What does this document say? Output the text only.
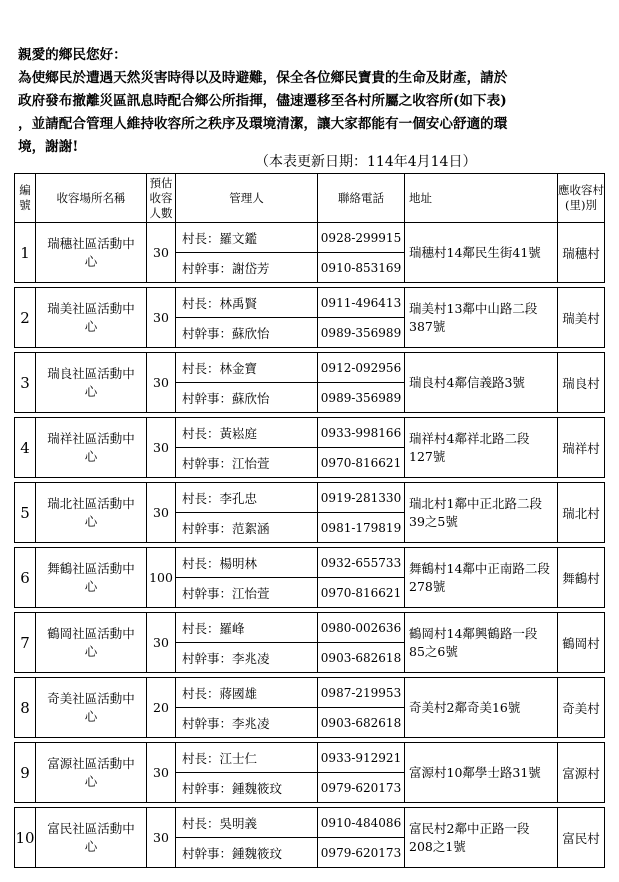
親愛的鄉民您好：

為使鄉民於遭遇天然災害時得以及時避難，保全各位鄉民寶貴的生命及財產，請於

政府發布撤離災區訊息時配合鄉公所指揮，儘速遷移至各村所屬之收容所(如下表)

，並請配合管理人維持收容所之秩序及環境清潔，讓大家都能有一個安心舒適的環

境，謝謝!

（本表更新日期：114年4月14日）
編號	收容場所名稱	預估收容人數	管理人	聯絡電話	地址	應收容村(里)別
1	瑞穗社區活動中心	30	村長：羅文鑑	0928-299915	瑞穗村14鄰民生街41號	瑞穗村
			村幹事：謝岱芳	0910-853169		

2	瑞美社區活動中心	30	村長：林禹賢	0911-496413	瑞美村13鄰中山路二段387號	瑞美村
			村幹事：蘇欣怡	0989-356989		

3	瑞良社區活動中心	30	村長：林金寶	0912-092956	瑞良村4鄰信義路3號	瑞良村
			村幹事：蘇欣怡	0989-356989		

4	瑞祥社區活動中心	30	村長：黃崧庭	0933-998166	瑞祥村4鄰祥北路二段127號	瑞祥村
			村幹事：江怡萱	0970-816621		

5	瑞北社區活動中心	30	村長：李孔忠	0919-281330	瑞北村1鄰中正北路二段39之5號	瑞北村
			村幹事：范絮涵	0981-179819		

6	舞鶴社區活動中心	100	村長：楊明林	0932-655733	舞鶴村14鄰中正南路二段278號	舞鶴村
			村幹事：江怡萱	0970-816621		

7	鶴岡社區活動中心	30	村長：羅峰	0980-002636	鶴岡村14鄰興鶴路一段85之6號	鶴岡村
			村幹事：李兆凌	0903-682618		

8	奇美社區活動中心	20	村長：蔣國雄	0987-219953	奇美村2鄰奇美16號	奇美村
			村幹事：李兆凌	0903-682618		

9	富源社區活動中心	30	村長：江士仁	0933-912921	富源村10鄰學士路31號	富源村
			村幹事：鍾魏筱玟	0979-620173		

10	富民社區活動中心	30	村長：吳明義	0910-484086	富民村2鄰中正路一段208之1號	富民村
			村幹事：鍾魏筱玟	0979-620173		
